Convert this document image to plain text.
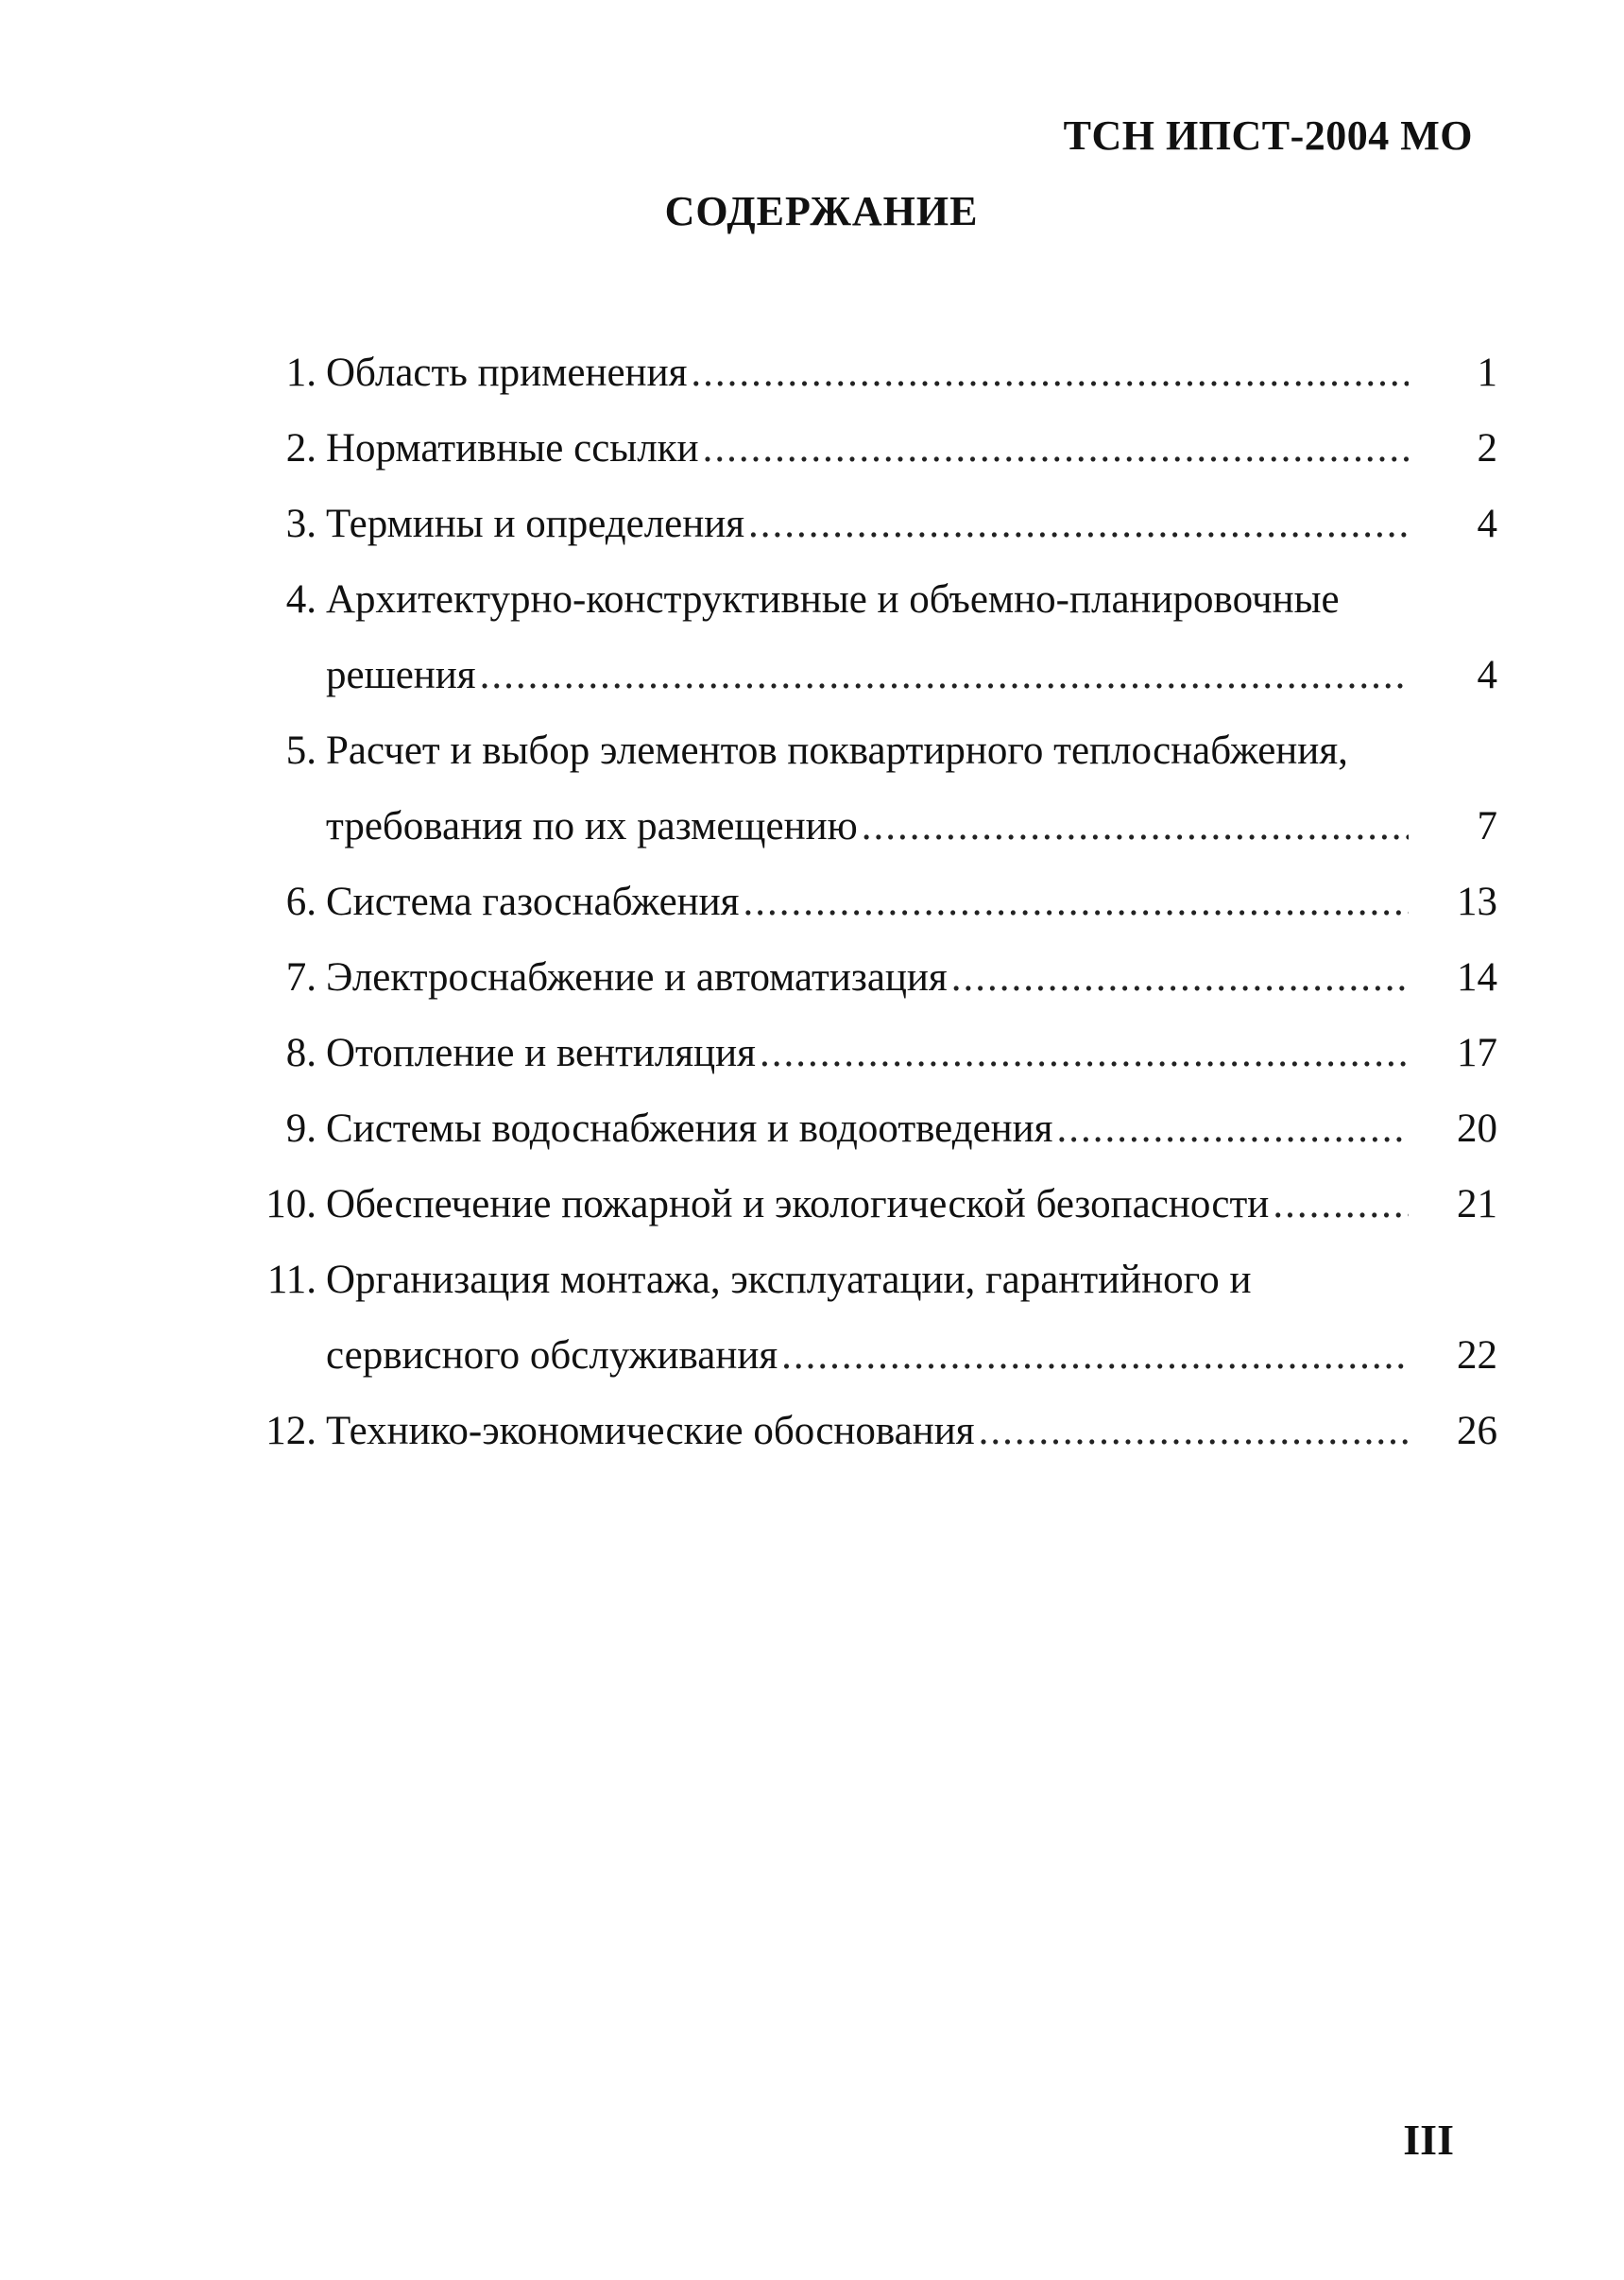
ТСН ИПСТ-2004 МО
СОДЕРЖАНИЕ
1. Область применения .....	1
2. Нормативные ссылки .....	2
3. Термины и определения .....	4
4. Архитектурно-конструктивные и объемно-планировочные
решения .....	4
5. Расчет и выбор элементов поквартирного теплоснабжения,
требования по их размещению .....	7
6. Система газоснабжения .....	13
7. Электроснабжение и автоматизация .....	14
8. Отопление и вентиляция .....	17
9. Системы водоснабжения и водоотведения .....	20
10. Обеспечение пожарной и экологической безопасности .....	21
11. Организация монтажа, эксплуатации, гарантийного и
сервисного обслуживания .....	22
12. Технико-экономические обоснования .....	26
III
